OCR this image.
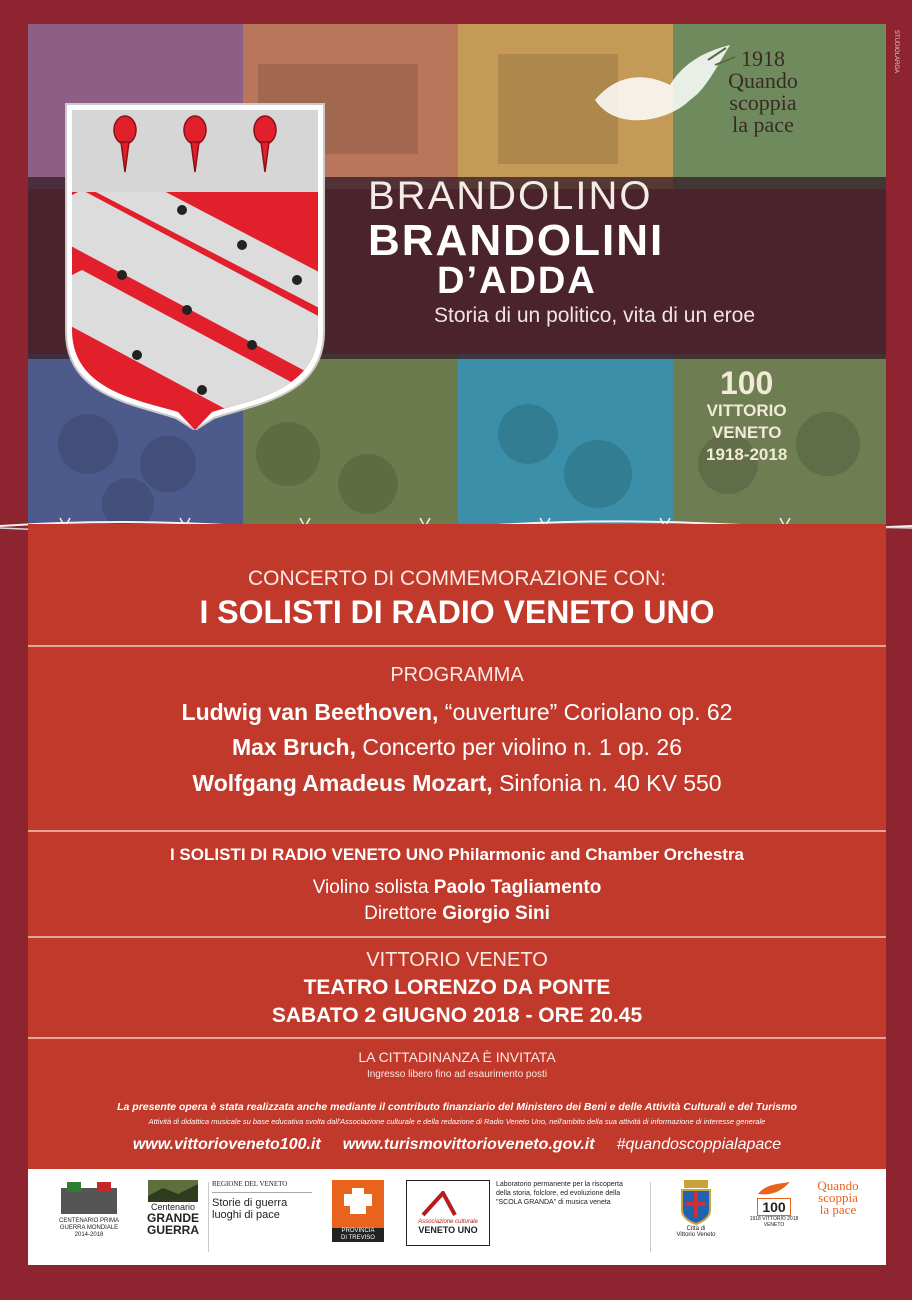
1918
Quando
scoppia
la pace
STUDIOLARGA
BRANDOLINO
BRANDOLINI
D’ADDA
Storia di un politico, vita di un eroe
100
VITTORIO
VENETO
1918-2018
CONCERTO DI COMMEMORAZIONE CON:
I SOLISTI DI RADIO VENETO UNO
PROGRAMMA
Ludwig van Beethoven, “ouverture” Coriolano op. 62
Max Bruch, Concerto per violino n. 1 op. 26
Wolfgang Amadeus Mozart, Sinfonia n. 40 KV 550
I SOLISTI DI RADIO VENETO UNO Philarmonic and Chamber Orchestra
Violino solista Paolo Tagliamento
Direttore Giorgio Sini
VITTORIO VENETO
TEATRO LORENZO DA PONTE
SABATO 2 GIUGNO 2018 - ORE 20.45
LA CITTADINANZA È INVITATA
Ingresso libero fino ad esaurimento posti
La presente opera è stata realizzata anche mediante il contributo finanziario del Ministero dei Beni e delle Attività Culturali e del Turismo
Attività di didattica musicale su base educativa svolta dall'Associazione culturale e della redazione di Radio Veneto Uno, nell'ambito della sua attività di informazione di interesse generale
www.vittorioveneto100.it www.turismovittorioveneto.gov.it #quandoscoppialapace
CENTENARIO PRIMA GUERRA MONDIALE 2014-2018
Centenario
GRANDE
GUERRA
REGIONE DEL VENETO
Storie di guerra
luoghi di pace
PROVINCIA
DI TREVISO
Associazione culturale
VENETO UNO
Laboratorio permanente per la riscoperta della storia, folclore, ed evoluzione della "SCOLA GRANDA" di musica veneta
Città di
Vittorio Veneto
100
1918 VITTORIO 2018 VENETO
Quando
scoppia
la pace
